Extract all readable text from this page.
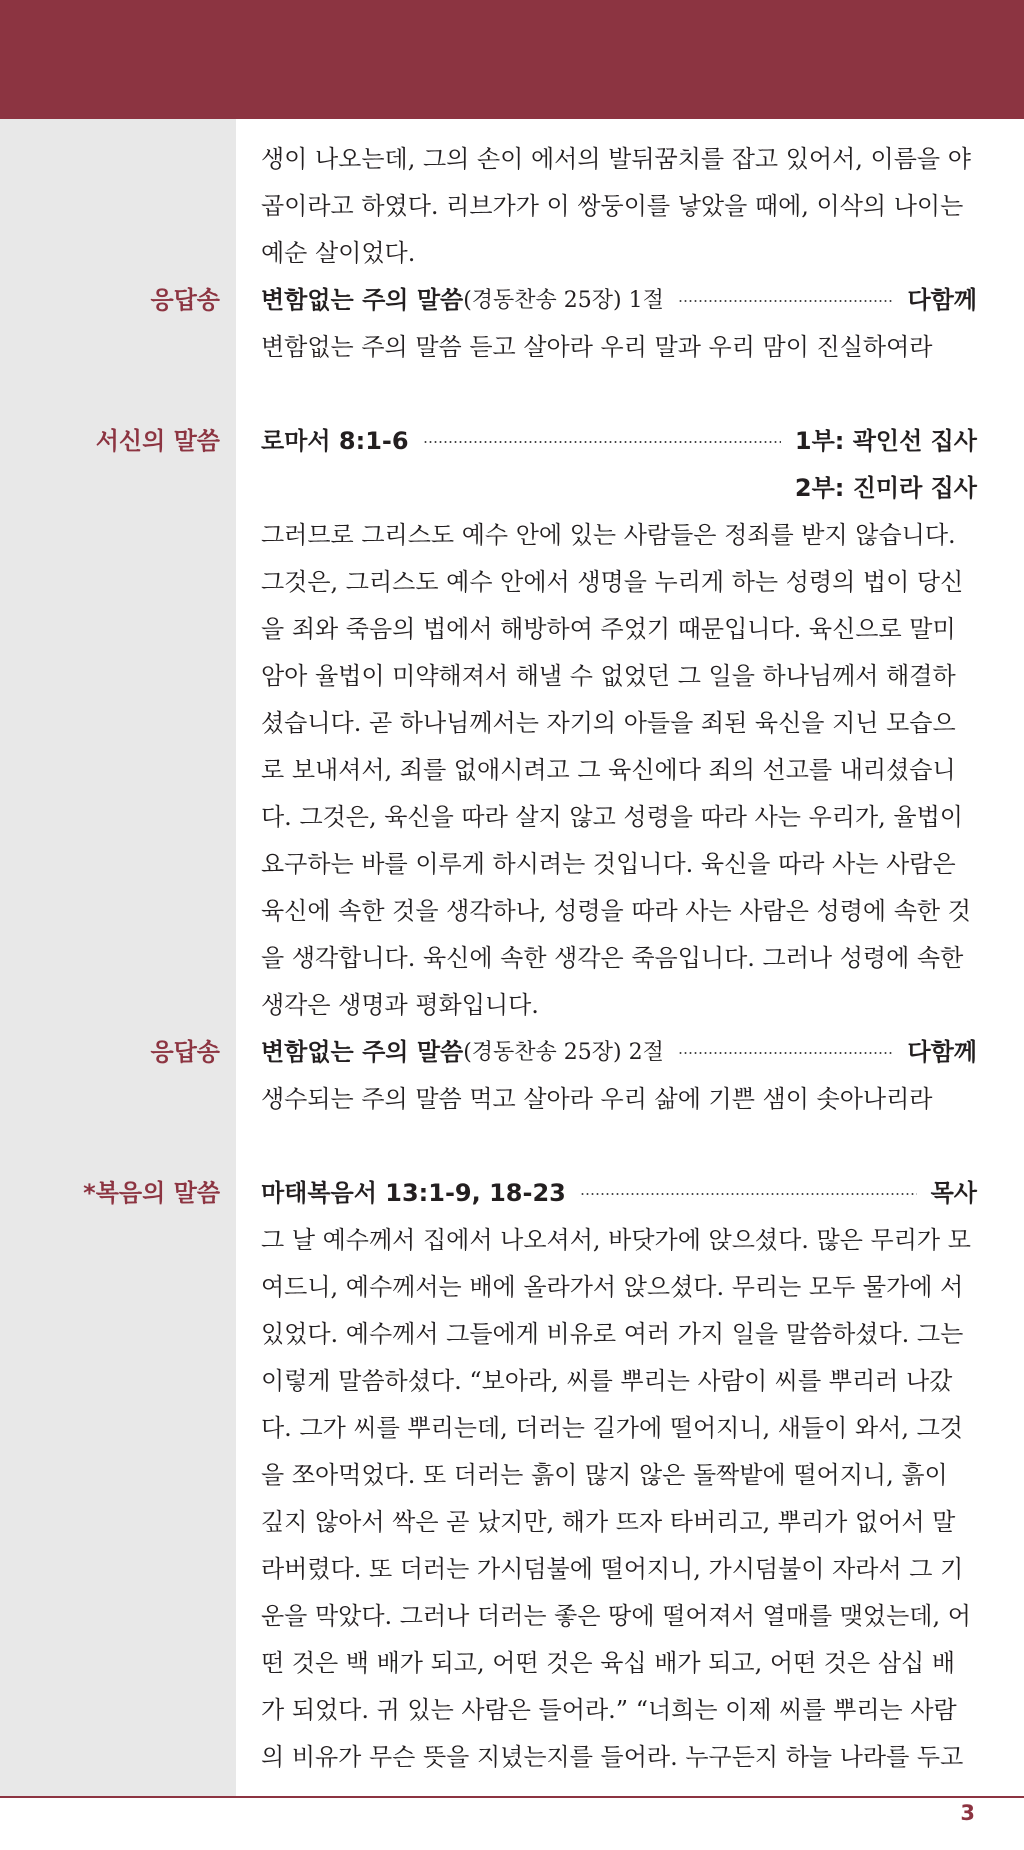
생이 나오는데, 그의 손이 에서의 발뒤꿈치를 잡고 있어서, 이름을 야
곱이라고 하였다. 리브가가 이 쌍둥이를 낳았을 때에, 이삭의 나이는
예순 살이었다.
응답송 변함없는 주의 말씀 (경동찬송 25장) 1절	다함께
변함없는 주의 말씀 듣고 살아라 우리 말과 우리 맘이 진실하여라
서신의 말씀 로마서 8:1-6	1부: 곽인선 집사
2부: 진미라 집사
그러므로 그리스도 예수 안에 있는 사람들은 정죄를 받지 않습니다.
그것은, 그리스도 예수 안에서 생명을 누리게 하는 성령의 법이 당신
을 죄와 죽음의 법에서 해방하여 주었기 때문입니다. 육신으로 말미
암아 율법이 미약해져서 해낼 수 없었던 그 일을 하나님께서 해결하
셨습니다. 곧 하나님께서는 자기의 아들을 죄된 육신을 지닌 모습으
로 보내셔서, 죄를 없애시려고 그 육신에다 죄의 선고를 내리셨습니
다. 그것은, 육신을 따라 살지 않고 성령을 따라 사는 우리가, 율법이
요구하는 바를 이루게 하시려는 것입니다. 육신을 따라 사는 사람은
육신에 속한 것을 생각하나, 성령을 따라 사는 사람은 성령에 속한 것
을 생각합니다. 육신에 속한 생각은 죽음입니다. 그러나 성령에 속한
생각은 생명과 평화입니다.
응답송 변함없는 주의 말씀 (경동찬송 25장) 2절	다함께
생수되는 주의 말씀 먹고 살아라 우리 삶에 기쁜 샘이 솟아나리라
*복음의 말씀 마태복음서 13:1-9, 18-23	목사
그 날 예수께서 집에서 나오셔서, 바닷가에 앉으셨다. 많은 무리가 모
여드니, 예수께서는 배에 올라가서 앉으셨다. 무리는 모두 물가에 서
있었다. 예수께서 그들에게 비유로 여러 가지 일을 말씀하셨다. 그는
이렇게 말씀하셨다. “보아라, 씨를 뿌리는 사람이 씨를 뿌리러 나갔
다. 그가 씨를 뿌리는데, 더러는 길가에 떨어지니, 새들이 와서, 그것
을 쪼아먹었다. 또 더러는 흙이 많지 않은 돌짝밭에 떨어지니, 흙이
깊지 않아서 싹은 곧 났지만, 해가 뜨자 타버리고, 뿌리가 없어서 말
라버렸다. 또 더러는 가시덤불에 떨어지니, 가시덤불이 자라서 그 기
운을 막았다. 그러나 더러는 좋은 땅에 떨어져서 열매를 맺었는데, 어
떤 것은 백 배가 되고, 어떤 것은 육십 배가 되고, 어떤 것은 삼십 배
가 되었다. 귀 있는 사람은 들어라.” “너희는 이제 씨를 뿌리는 사람
의 비유가 무슨 뜻을 지녔는지를 들어라. 누구든지 하늘 나라를 두고
3
